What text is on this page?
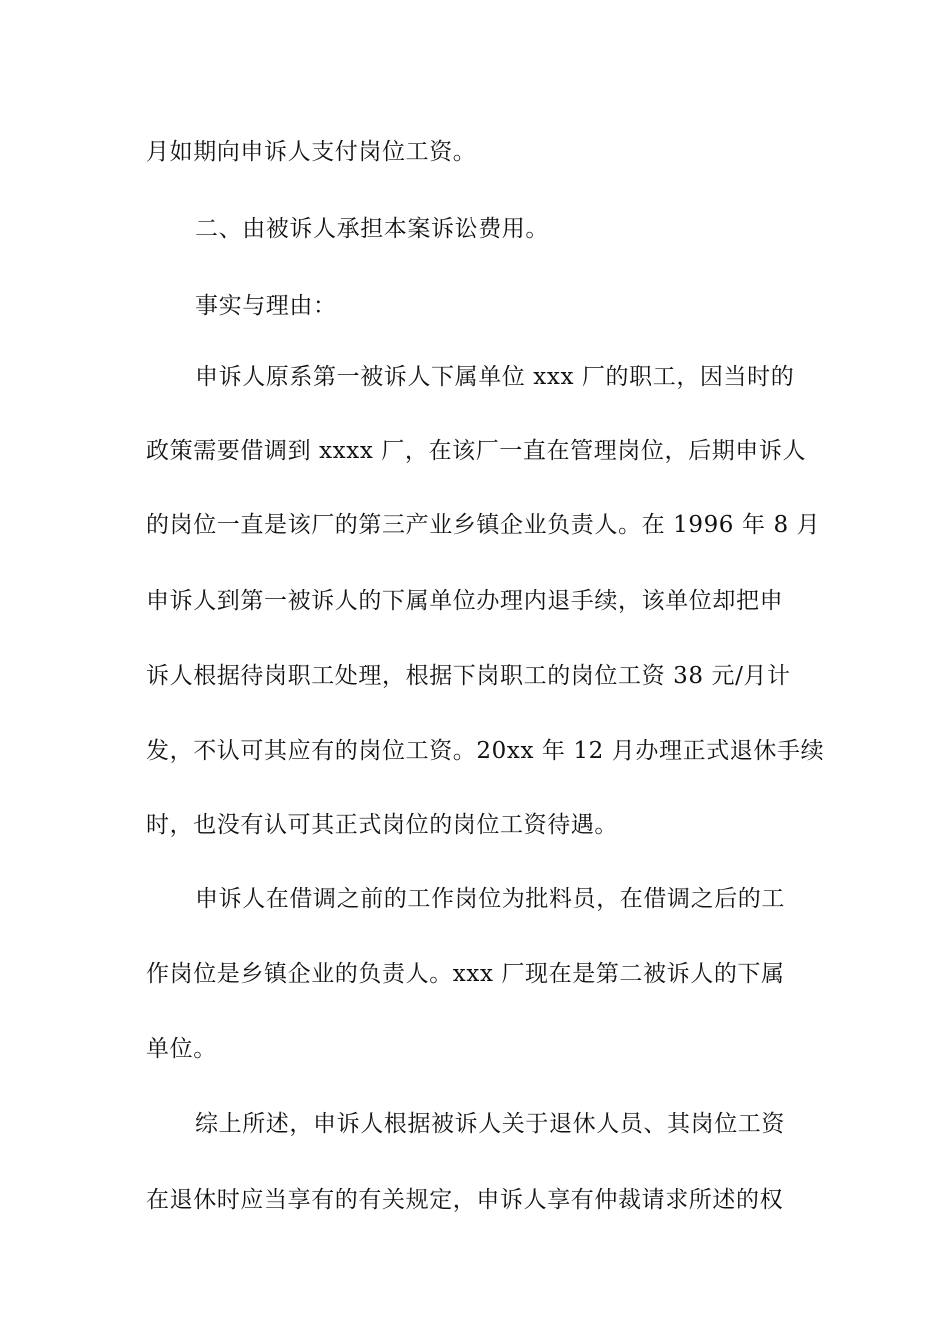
月如期向申诉人支付岗位工资。
二、由被诉人承担本案诉讼费用。
事实与理由：
申诉人原系第一被诉人下属单位 xxx 厂的职工，因当时的
政策需要借调到 xxxx 厂，在该厂一直在管理岗位，后期申诉人
的岗位一直是该厂的第三产业乡镇企业负责人。在 1996 年 8 月
申诉人到第一被诉人的下属单位办理内退手续，该单位却把申
诉人根据待岗职工处理，根据下岗职工的岗位工资 38 元/月计
发，不认可其应有的岗位工资。20xx 年 12 月办理正式退休手续
时，也没有认可其正式岗位的岗位工资待遇。
申诉人在借调之前的工作岗位为批料员，在借调之后的工
作岗位是乡镇企业的负责人。xxx 厂现在是第二被诉人的下属
单位。
综上所述，申诉人根据被诉人关于退休人员、其岗位工资
在退休时应当享有的有关规定，申诉人享有仲裁请求所述的权
